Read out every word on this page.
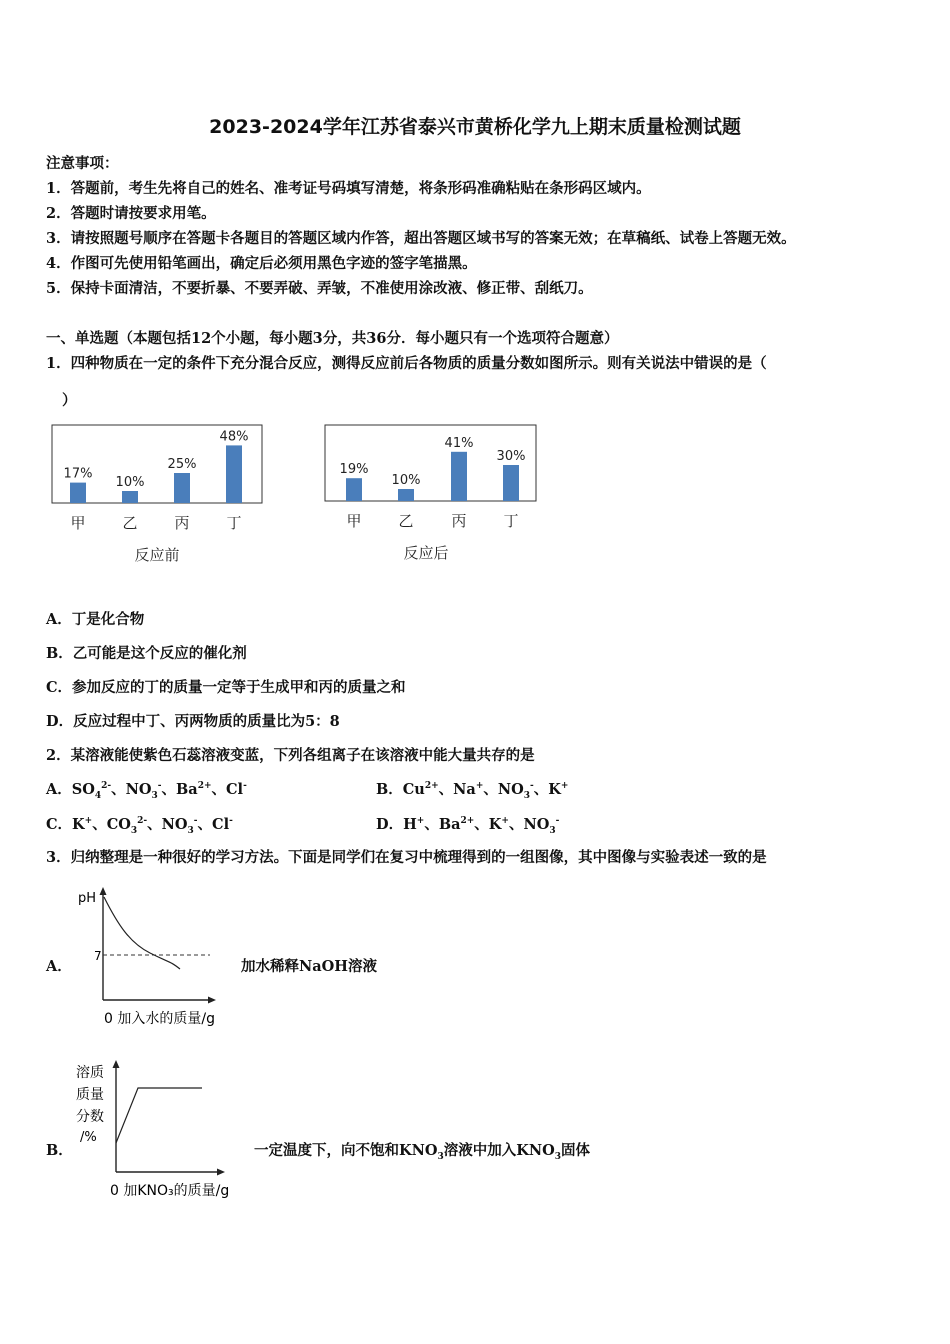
2023-2024学年江苏省泰兴市黄桥化学九上期末质量检测试题
注意事项：
1．答题前，考生先将自己的姓名、准考证号码填写清楚，将条形码准确粘贴在条形码区域内。
2．答题时请按要求用笔。
3．请按照题号顺序在答题卡各题目的答题区域内作答，超出答题区域书写的答案无效；在草稿纸、试卷上答题无效。
4．作图可先使用铅笔画出，确定后必须用黑色字迹的签字笔描黑。
5．保持卡面清洁，不要折暴、不要弄破、弄皱，不准使用涂改液、修正带、刮纸刀。
一、单选题（本题包括12个小题，每小题3分，共36分．每小题只有一个选项符合题意）
1．四种物质在一定的条件下充分混合反应，测得反应前后各物质的质量分数如图所示。则有关说法中错误的是（
）
17%
甲
10%
乙
25%
丙
48%
丁
反应前
19%
甲
10%
乙
41%
丙
30%
丁
反应后
A．丁是化合物
B．乙可能是这个反应的催化剂
C．参加反应的丁的质量一定等于生成甲和丙的质量之和
D．反应过程中丁、丙两物质的质量比为5：8
2．某溶液能使紫色石蕊溶液变蓝，下列各组离子在该溶液中能大量共存的是
A．$SO_4^{2-}$、$NO_3^-$、$Ba^{2+}$、Cl-	B．$Cu^{2+}$、Na+、$NO_3^-$、K+
C．K+、$CO_3^{2-}$、$NO_3^-$、Cl-	D．H+、$Ba^{2+}$、K+、$NO_3^-$
3．归纳整理是一种很好的学习方法。下面是同学们在复习中梳理得到的一组图像，其中图像与实验表述一致的是
A．
pH
7
0 加入水的质量/g
加水稀释NaOH溶液
B．
溶质
质量
分数
/%
0 加KNO₃的质量/g
一定温度下，向不饱和$KNO_3$溶液中加入$KNO_3$固体
